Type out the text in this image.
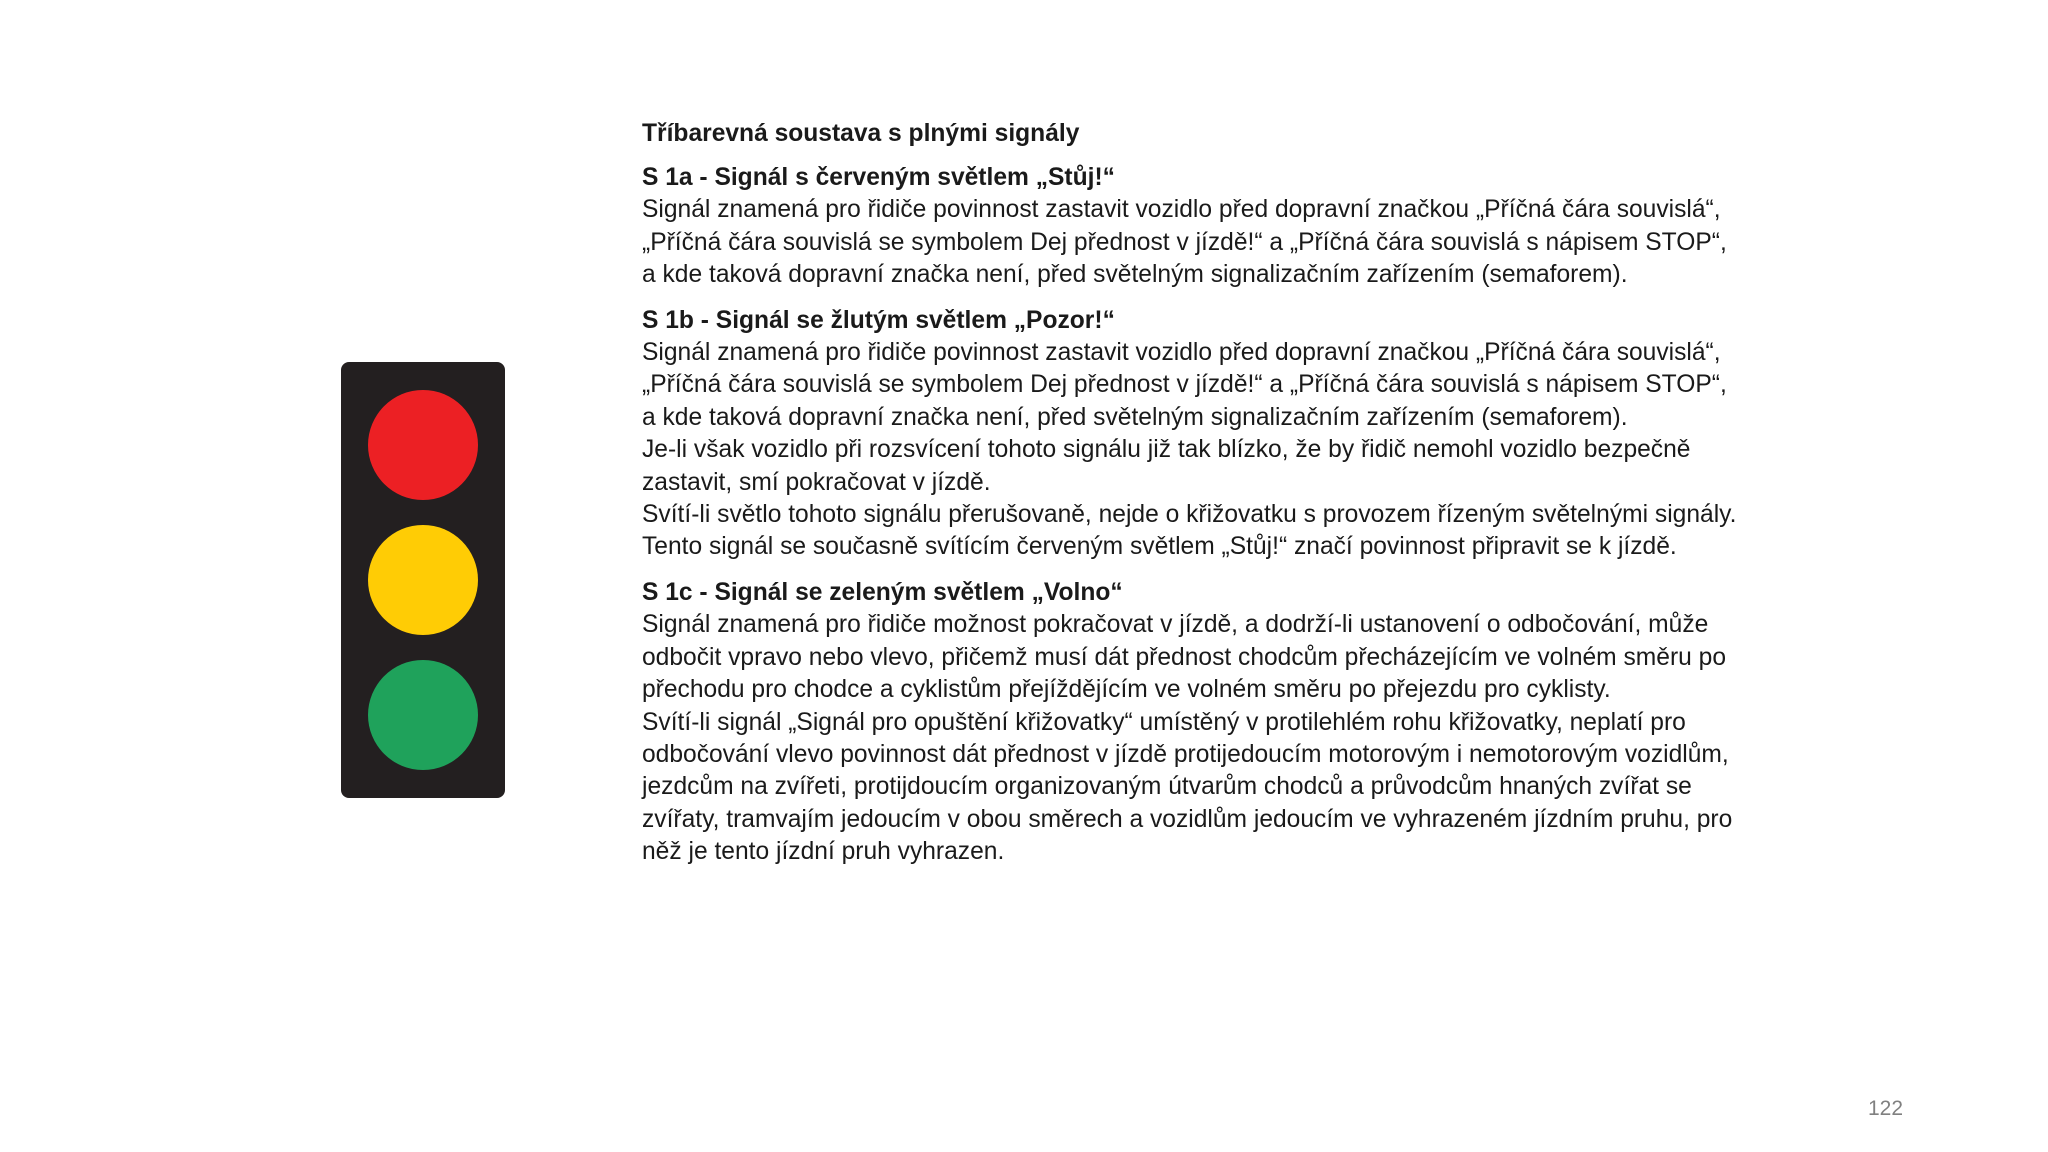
Tříbarevná soustava s plnými signály

S 1a - Signál s červeným světlem „Stůj!“

Signál znamená pro řidiče povinnost zastavit vozidlo před dopravní značkou „Příčná čára souvislá“, „Příčná čára souvislá se symbolem Dej přednost v jízdě!“ a „Příčná čára souvislá s nápisem STOP“, a kde taková dopravní značka není, před světelným signalizačním zařízením (semaforem).

S 1b - Signál se žlutým světlem „Pozor!“

Signál znamená pro řidiče povinnost zastavit vozidlo před dopravní značkou „Příčná čára souvislá“, „Příčná čára souvislá se symbolem Dej přednost v jízdě!“ a „Příčná čára souvislá s nápisem STOP“, a kde taková dopravní značka není, před světelným signalizačním zařízením (semaforem).

Je-li však vozidlo při rozsvícení tohoto signálu již tak blízko, že by řidič nemohl vozidlo bezpečně zastavit, smí pokračovat v jízdě.

Svítí-li světlo tohoto signálu přerušovaně, nejde o křižovatku s provozem řízeným světelnými signály.

Tento signál se současně svítícím červeným světlem „Stůj!“ značí povinnost připravit se k jízdě.

S 1c - Signál se zeleným světlem „Volno“

Signál znamená pro řidiče možnost pokračovat v jízdě, a dodrží-li ustanovení o odbočování, může odbočit vpravo nebo vlevo, přičemž musí dát přednost chodcům přecházejícím ve volném směru po přechodu pro chodce a cyklistům přejíždějícím ve volném směru po přejezdu pro cyklisty.

Svítí-li signál „Signál pro opuštění křižovatky“ umístěný v protilehlém rohu křižovatky, neplatí pro odbočování vlevo povinnost dát přednost v jízdě protijedoucím motorovým i nemotorovým vozidlům, jezdcům na zvířeti, protijdoucím organizovaným útvarům chodců a průvodcům hnaných zvířat se zvířaty, tramvajím jedoucím v obou směrech a vozidlům jedoucím ve vyhrazeném jízdním pruhu, pro něž je tento jízdní pruh vyhrazen.

122
